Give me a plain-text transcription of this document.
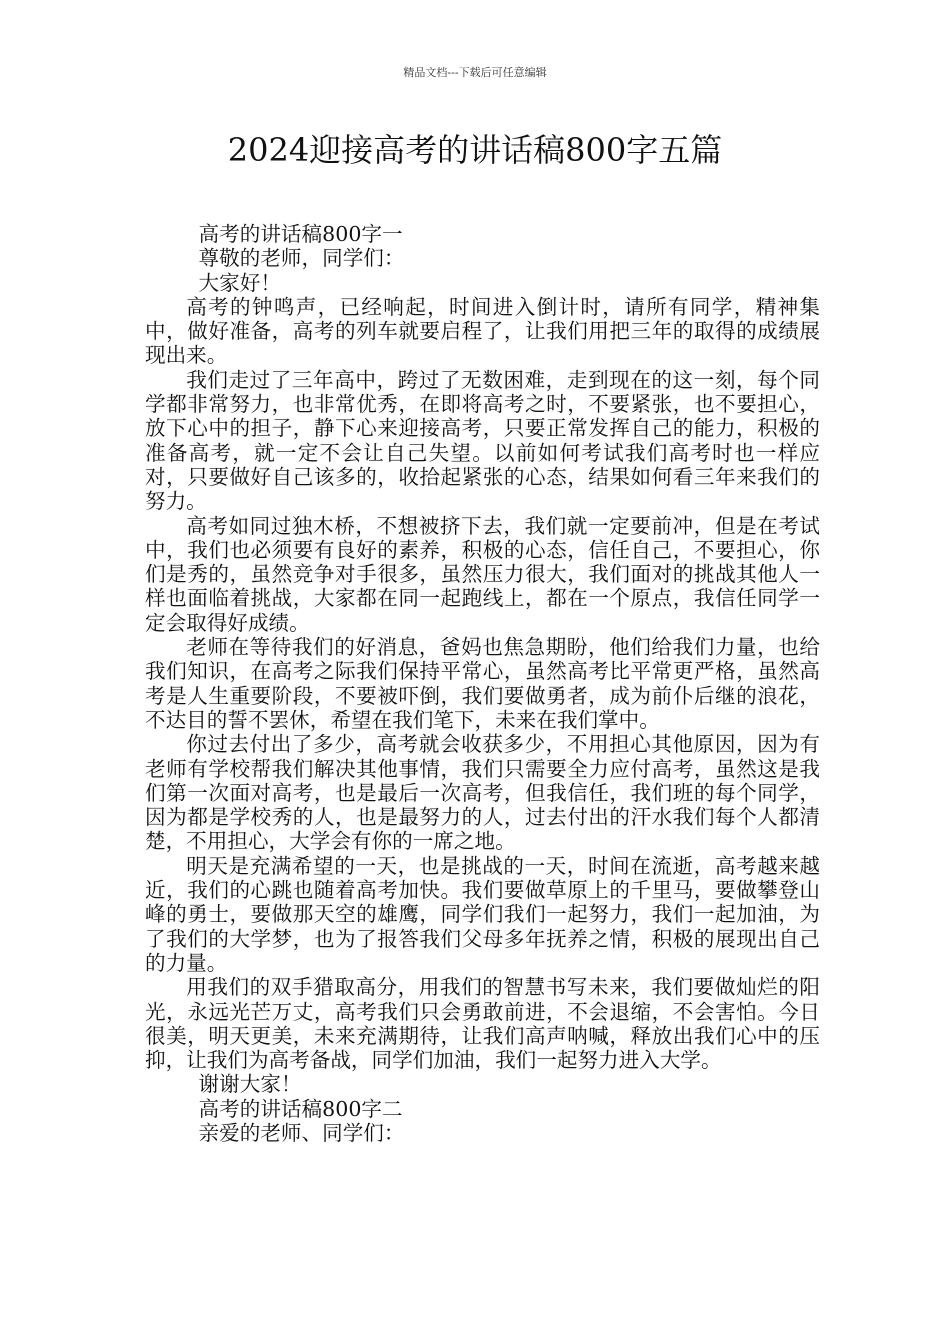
精品文档---下载后可任意编辑
2024迎接高考的讲话稿800字五篇

高考的讲话稿800字一

尊敬的老师，同学们：

大家好！

高考的钟鸣声，已经响起，时间进入倒计时，请所有同学，精神集中，做好准备，高考的列车就要启程了，让我们用把三年的取得的成绩展现出来。

我们走过了三年高中，跨过了无数困难，走到现在的这一刻，每个同学都非常努力，也非常优秀，在即将高考之时，不要紧张，也不要担心，放下心中的担子，静下心来迎接高考，只要正常发挥自己的能力，积极的准备高考，就一定不会让自己失望。以前如何考试我们高考时也一样应对，只要做好自己该多的，收拾起紧张的心态，结果如何看三年来我们的努力。

高考如同过独木桥，不想被挤下去，我们就一定要前冲，但是在考试中，我们也必须要有良好的素养，积极的心态，信任自己，不要担心，你们是秀的，虽然竞争对手很多，虽然压力很大，我们面对的挑战其他人一样也面临着挑战，大家都在同一起跑线上，都在一个原点，我信任同学一定会取得好成绩。

老师在等待我们的好消息，爸妈也焦急期盼，他们给我们力量，也给我们知识，在高考之际我们保持平常心，虽然高考比平常更严格，虽然高考是人生重要阶段，不要被吓倒，我们要做勇者，成为前仆后继的浪花，不达目的誓不罢休，希望在我们笔下，未来在我们掌中。

你过去付出了多少，高考就会收获多少，不用担心其他原因，因为有老师有学校帮我们解决其他事情，我们只需要全力应付高考，虽然这是我们第一次面对高考，也是最后一次高考，但我信任，我们班的每个同学，因为都是学校秀的人，也是最努力的人，过去付出的汗水我们每个人都清楚，不用担心，大学会有你的一席之地。

明天是充满希望的一天，也是挑战的一天，时间在流逝，高考越来越近，我们的心跳也随着高考加快。我们要做草原上的千里马，要做攀登山峰的勇士，要做那天空的雄鹰，同学们我们一起努力，我们一起加油，为了我们的大学梦，也为了报答我们父母多年抚养之情，积极的展现出自己的力量。

用我们的双手猎取高分，用我们的智慧书写未来，我们要做灿烂的阳光，永远光芒万丈，高考我们只会勇敢前进，不会退缩，不会害怕。今日很美，明天更美，未来充满期待，让我们高声呐喊，释放出我们心中的压抑，让我们为高考备战，同学们加油，我们一起努力进入大学。

谢谢大家！

高考的讲话稿800字二

亲爱的老师、同学们：
